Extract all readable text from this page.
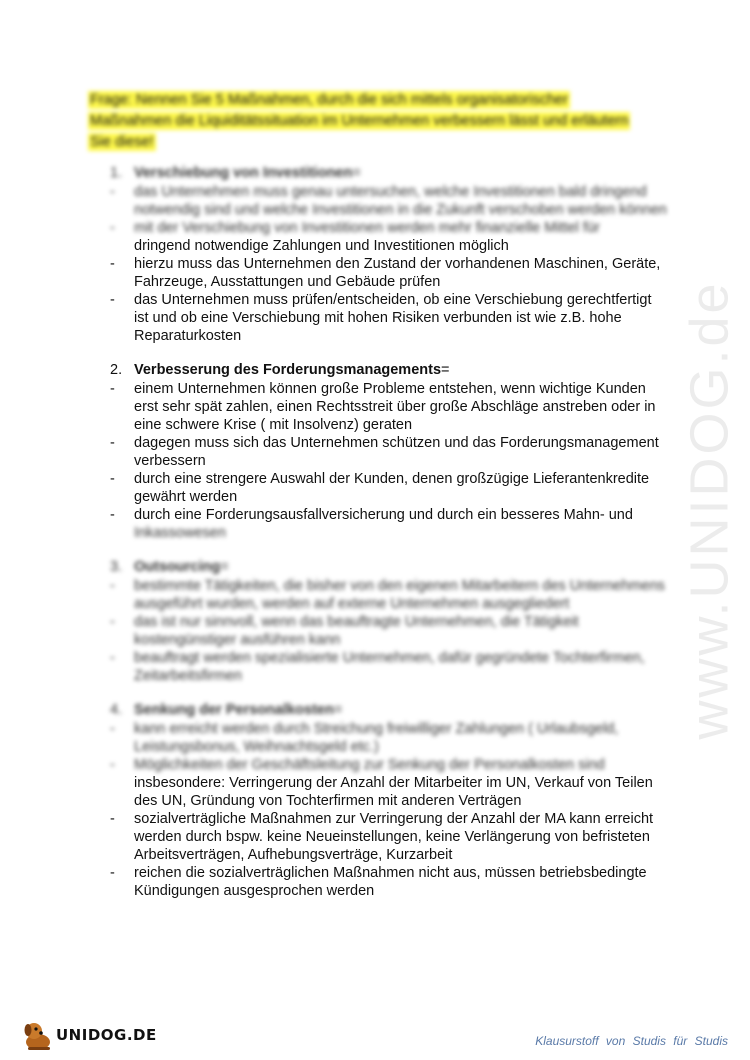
www.UNIDOG.de
Frage: Nennen Sie 5 Maßnahmen, durch die sich mittels organisatorischer Maßnahmen die Liquiditätssituation im Unternehmen verbessern lässt und erläutern Sie diese!
1. Verschiebung von Investitionen=
- das Unternehmen muss genau untersuchen, welche Investitionen bald dringend notwendig sind und welche Investitionen in die Zukunft verschoben werden können
- mit der Verschiebung von Investitionen werden mehr finanzielle Mittel für
dringend notwendige Zahlungen und Investitionen möglich
- hierzu muss das Unternehmen den Zustand der vorhandenen Maschinen, Geräte, Fahrzeuge, Ausstattungen und Gebäude prüfen
- das Unternehmen muss prüfen/entscheiden, ob eine Verschiebung gerechtfertigt ist und ob eine Verschiebung mit hohen Risiken verbunden ist wie z.B. hohe Reparaturkosten
2. Verbesserung des Forderungsmanagements=
- einem Unternehmen können große Probleme entstehen, wenn wichtige Kunden erst sehr spät zahlen, einen Rechtsstreit über große Abschläge anstreben oder in eine schwere Krise ( mit Insolvenz) geraten
- dagegen muss sich das Unternehmen schützen und das Forderungsmanagement verbessern
- durch eine strengere Auswahl der Kunden, denen großzügige Lieferantenkredite gewährt werden
- durch eine Forderungsausfallversicherung und durch ein besseres Mahn- und
Inkassowesen
3. Outsourcing=
- bestimmte Tätigkeiten, die bisher von den eigenen Mitarbeitern des Unternehmens ausgeführt wurden, werden auf externe Unternehmen ausgegliedert
- das ist nur sinnvoll, wenn das beauftragte Unternehmen, die Tätigkeit kostengünstiger ausführen kann
- beauftragt werden spezialisierte Unternehmen, dafür gegründete Tochterfirmen, Zeitarbeitsfirmen
4. Senkung der Personalkosten=
- kann erreicht werden durch Streichung freiwilliger Zahlungen ( Urlaubsgeld, Leistungsbonus, Weihnachtsgeld etc.)
- Möglichkeiten der Geschäftsleitung zur Senkung der Personalkosten sind
insbesondere: Verringerung der Anzahl der Mitarbeiter im UN, Verkauf von Teilen des UN, Gründung von Tochterfirmen mit anderen Verträgen
- sozialverträgliche Maßnahmen zur Verringerung der Anzahl der MA kann erreicht werden durch bspw. keine Neueinstellungen, keine Verlängerung von befristeten Arbeitsverträgen, Aufhebungsverträge, Kurzarbeit
- reichen die sozialverträglichen Maßnahmen nicht aus, müssen betriebsbedingte Kündigungen ausgesprochen werden
UNIDOG.DE	Klausurstoff von Studis für Studis
